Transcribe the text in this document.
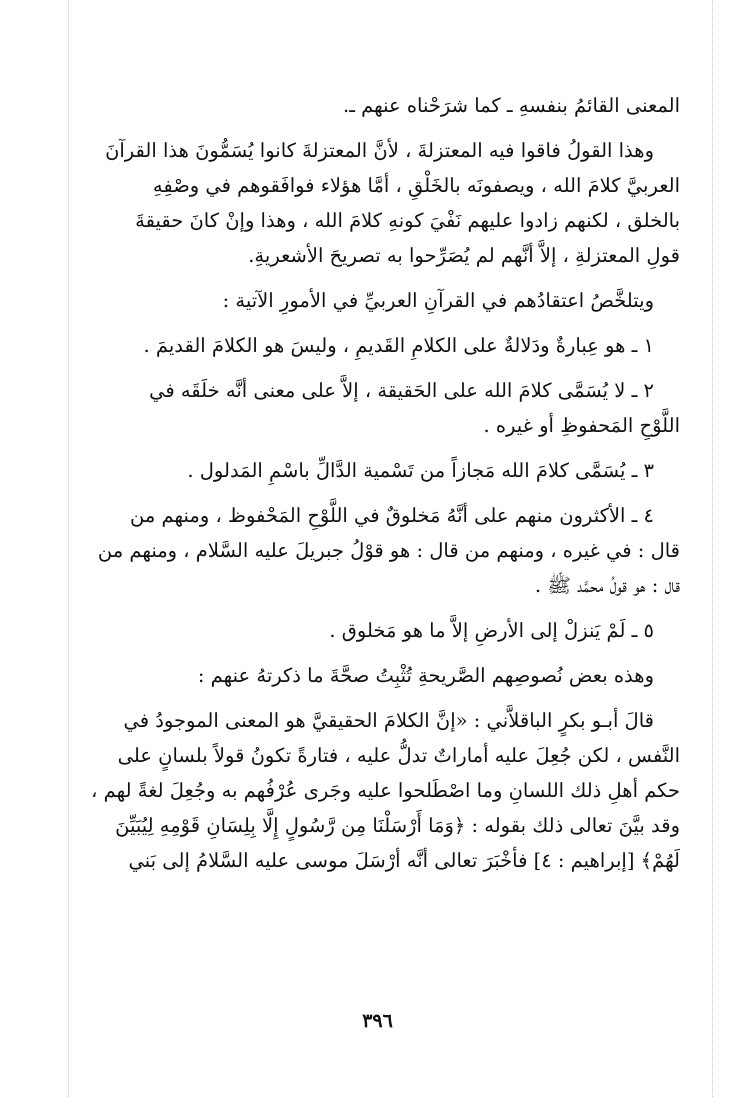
المعنى القائمُ بنفسهِ ـ كما شرَحْناه عنهم ـ.

وهذا القولُ فاقوا فيه المعتزلةَ ، لأنَّ المعتزلةَ كانوا يُسَمُّونَ هذا القرآنَ
العربيَّ كلامَ الله ، ويصفونَه بالخَلْقِ ، أمَّا هؤلاء فوافَقوهم في وصْفِهِ
بالخلق ، لكنهم زادوا عليهم نَفْيَ كونهِ كلامَ الله ، وهذا وإنْ كانَ حقيقةَ
قولِ المعتزلةِ ، إلاَّ أنَّهم لم يُصَرِّحوا به تصريحَ الأشعريةِ.

ويتلخَّصُ اعتقادُهم في القرآنِ العربيِّ في الأمورِ الآتية :

١ ـ هو عِبارةٌ ودَلالةٌ على الكلامِ القَديمِ ، وليسَ هو الكلامَ القديمَ .

٢ ـ لا يُسَمَّى كلامَ الله على الحَقيقة ، إلاَّ على معنى أنَّه خلَقَه في
اللَّوْحِ المَحفوظِ أو غيره .

٣ ـ يُسَمَّى كلامَ الله مَجازاً من تَسْمية الدَّالِّ باسْمِ المَدلول .

٤ ـ الأكثرون منهم على أنَّهُ مَخلوقٌ في اللَّوْحِ المَحْفوظ ، ومنهم من
قال : في غيره ، ومنهم من قال : هو قوْلُ جبريلَ عليه السَّلام ، ومنهم من
قال : هو قولُ محمَّد ﷺ .

٥ ـ لَمْ يَنزلْ إلى الأرضِ إلاَّ ما هو مَخلوق .

وهذه بعض نُصوصِهم الصَّريحةِ تُثْبِتُ صحَّةَ ما ذكرتهُ عنهم :

قالَ أبـو بكرٍ الباقلاَّني : «إنَّ الكلامَ الحقيقيَّ هو المعنى الموجودُ في
النَّفس ، لكن جُعِلَ عليه أماراتٌ تدلُّ عليه ، فتارةً تكونُ قولاً بلسانٍ على
حكم أهلِ ذلك اللسانِ وما اصْطَلحوا عليه وجَرى عُرْفُهم به وجُعِلَ لغةً لهم ،
وقد بيَّنَ تعالى ذلك بقوله : ﴿وَمَا أَرْسَلْنَا مِن رَّسُولٍ إِلَّا بِلِسَانِ قَوْمِهِ لِيُبَيِّنَ
لَهُمْ﴾ [إبراهيم : ٤] فأخْبَرَ تعالى أنَّه أرْسَلَ موسى عليه السَّلامُ إلى بَني

٣٩٦
